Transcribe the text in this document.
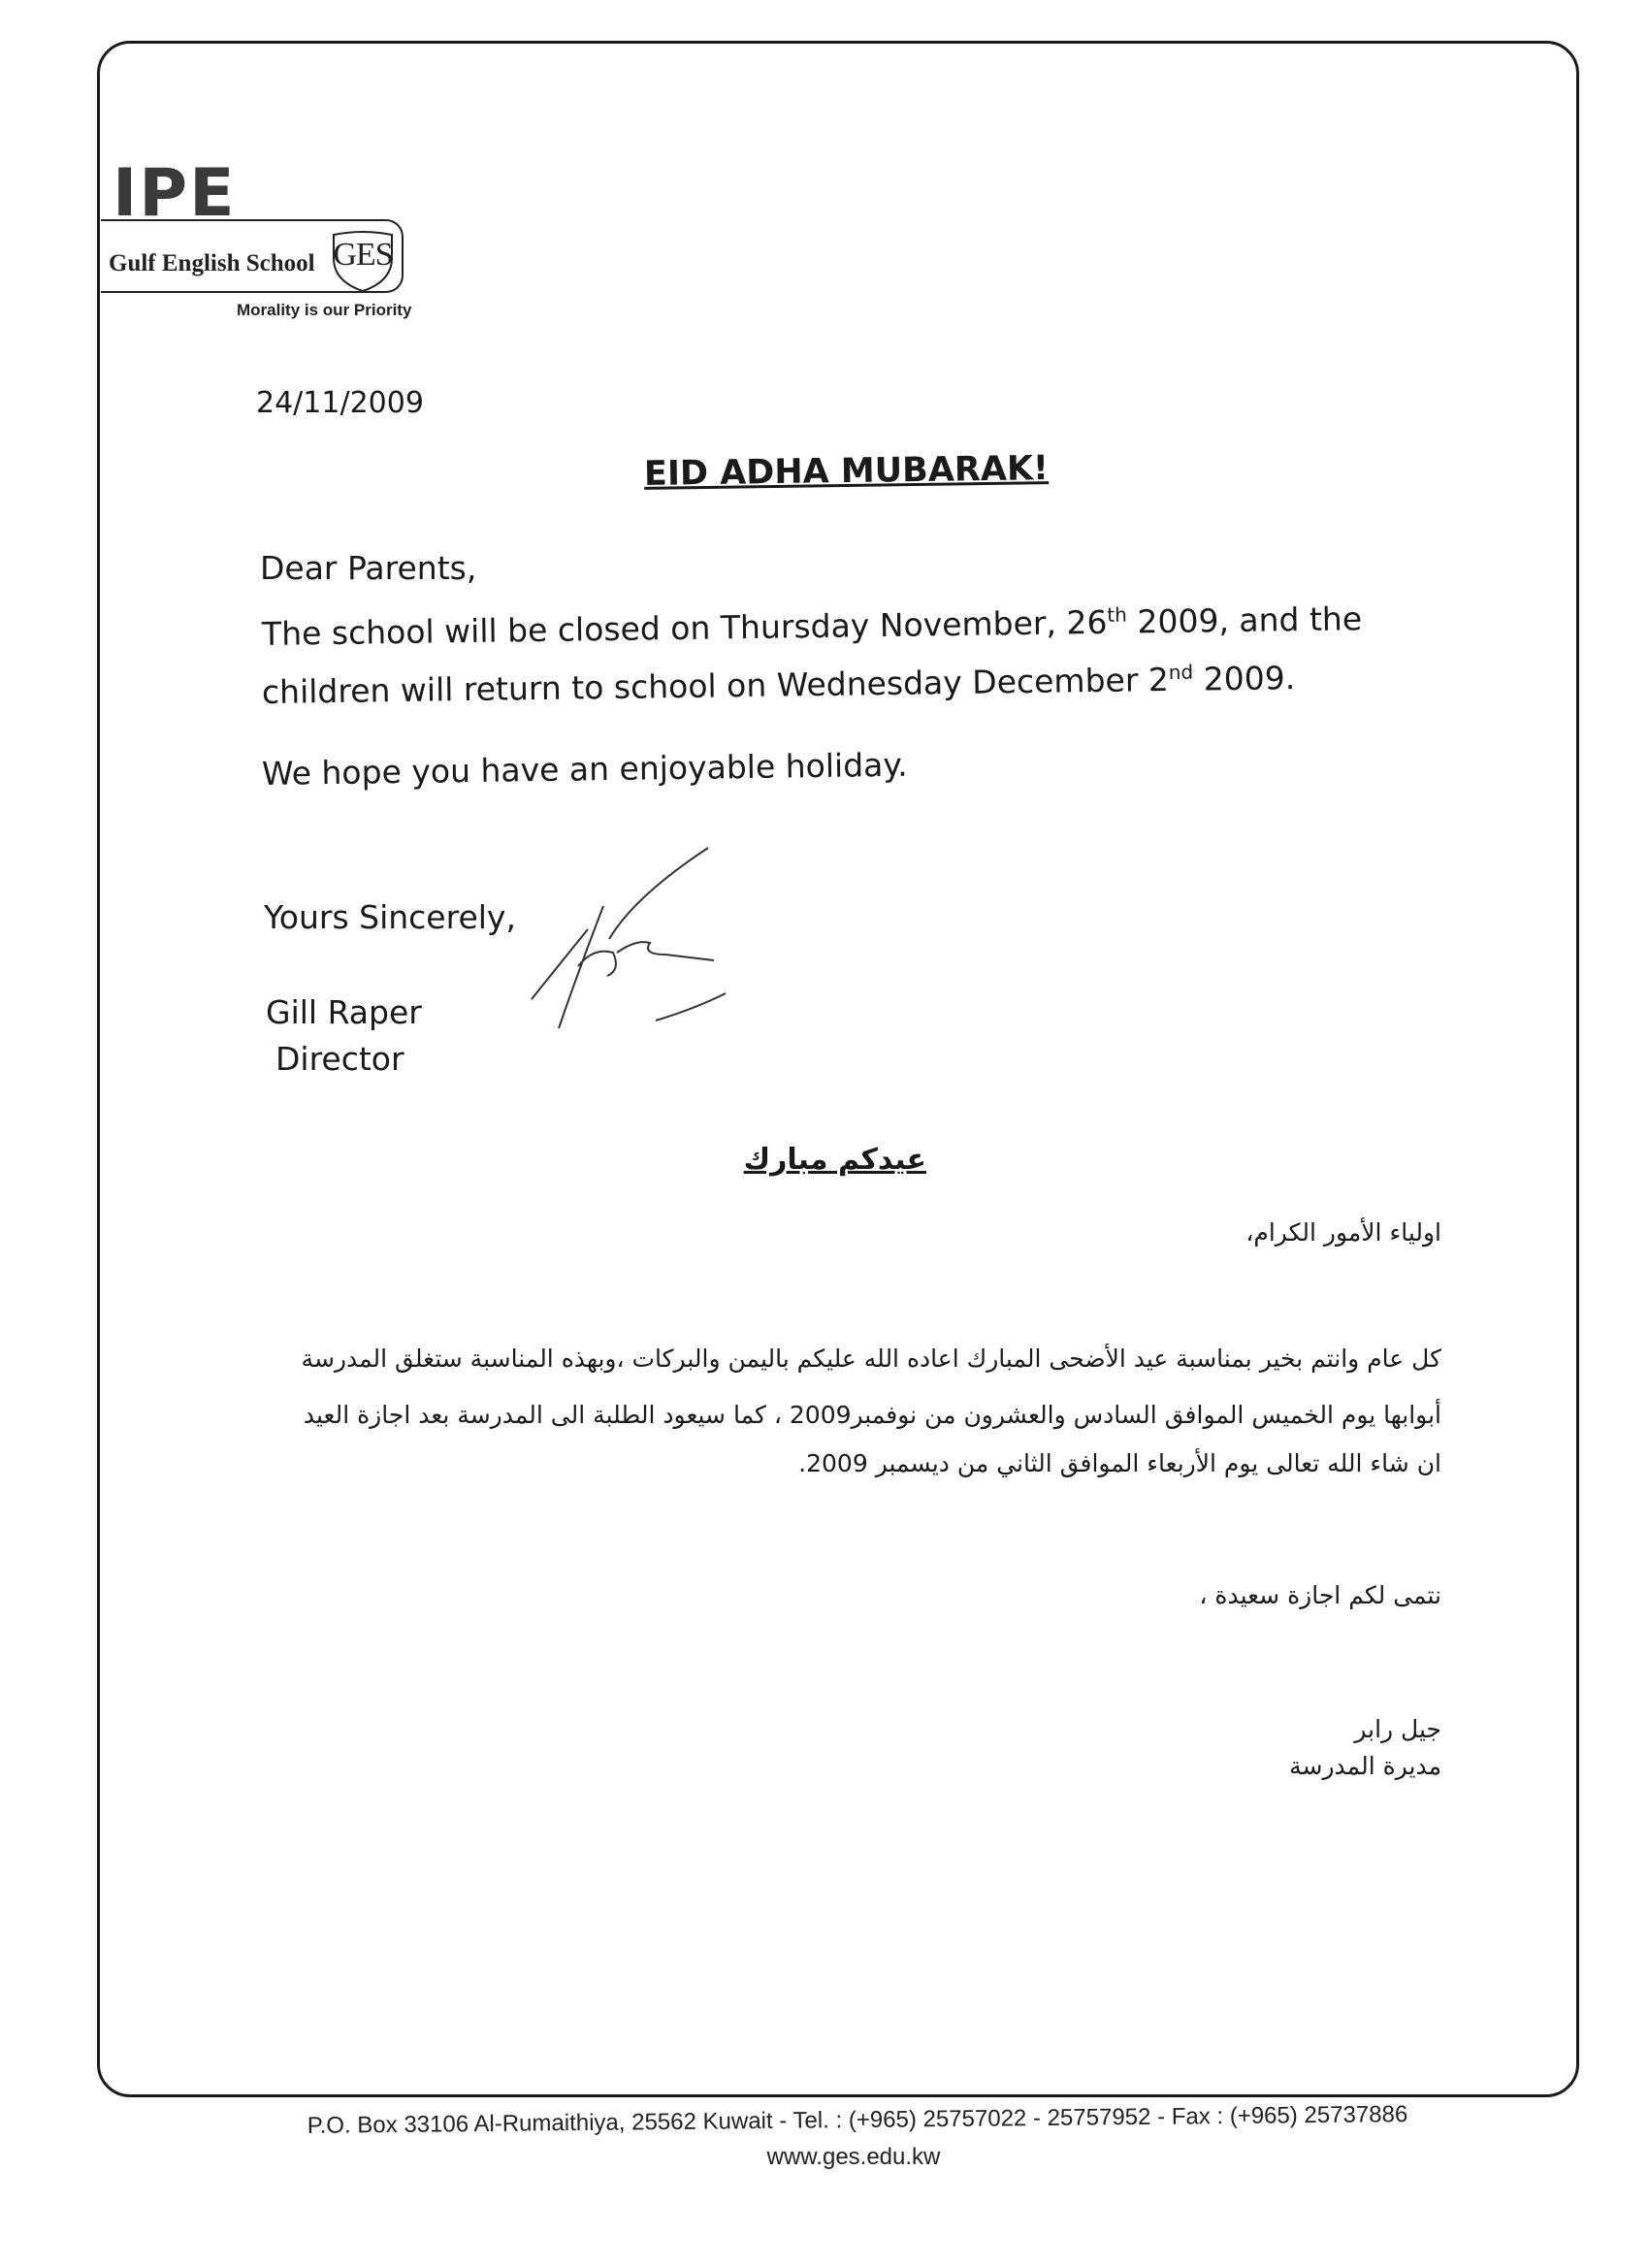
IPE
Gulf English School GES
Morality is our Priority
24/11/2009
EID ADHA MUBARAK!
Dear Parents,
The school will be closed on Thursday November, 26th 2009, and the
children will return to school on Wednesday December 2nd 2009.
We hope you have an enjoyable holiday.
Yours Sincerely,
Gill Raper
Director
عيدكم مبارك
اولياء الأمور الكرام،
كل عام وانتم بخير بمناسبة عيد الأضحى المبارك اعاده الله عليكم باليمن والبركات ،وبهذه المناسبة ستغلق المدرسة
أبوابها يوم الخميس الموافق السادس والعشرون من نوفمبر2009 ، كما سيعود الطلبة الى المدرسة بعد اجازة العيد
ان شاء الله تعالى يوم الأربعاء الموافق الثاني من ديسمبر 2009.
نتمى لكم اجازة سعيدة ،
جيل رابر
مديرة المدرسة
P.O. Box 33106 Al-Rumaithiya, 25562 Kuwait - Tel. : (+965) 25757022 - 25757952 - Fax : (+965) 25737886
www.ges.edu.kw
